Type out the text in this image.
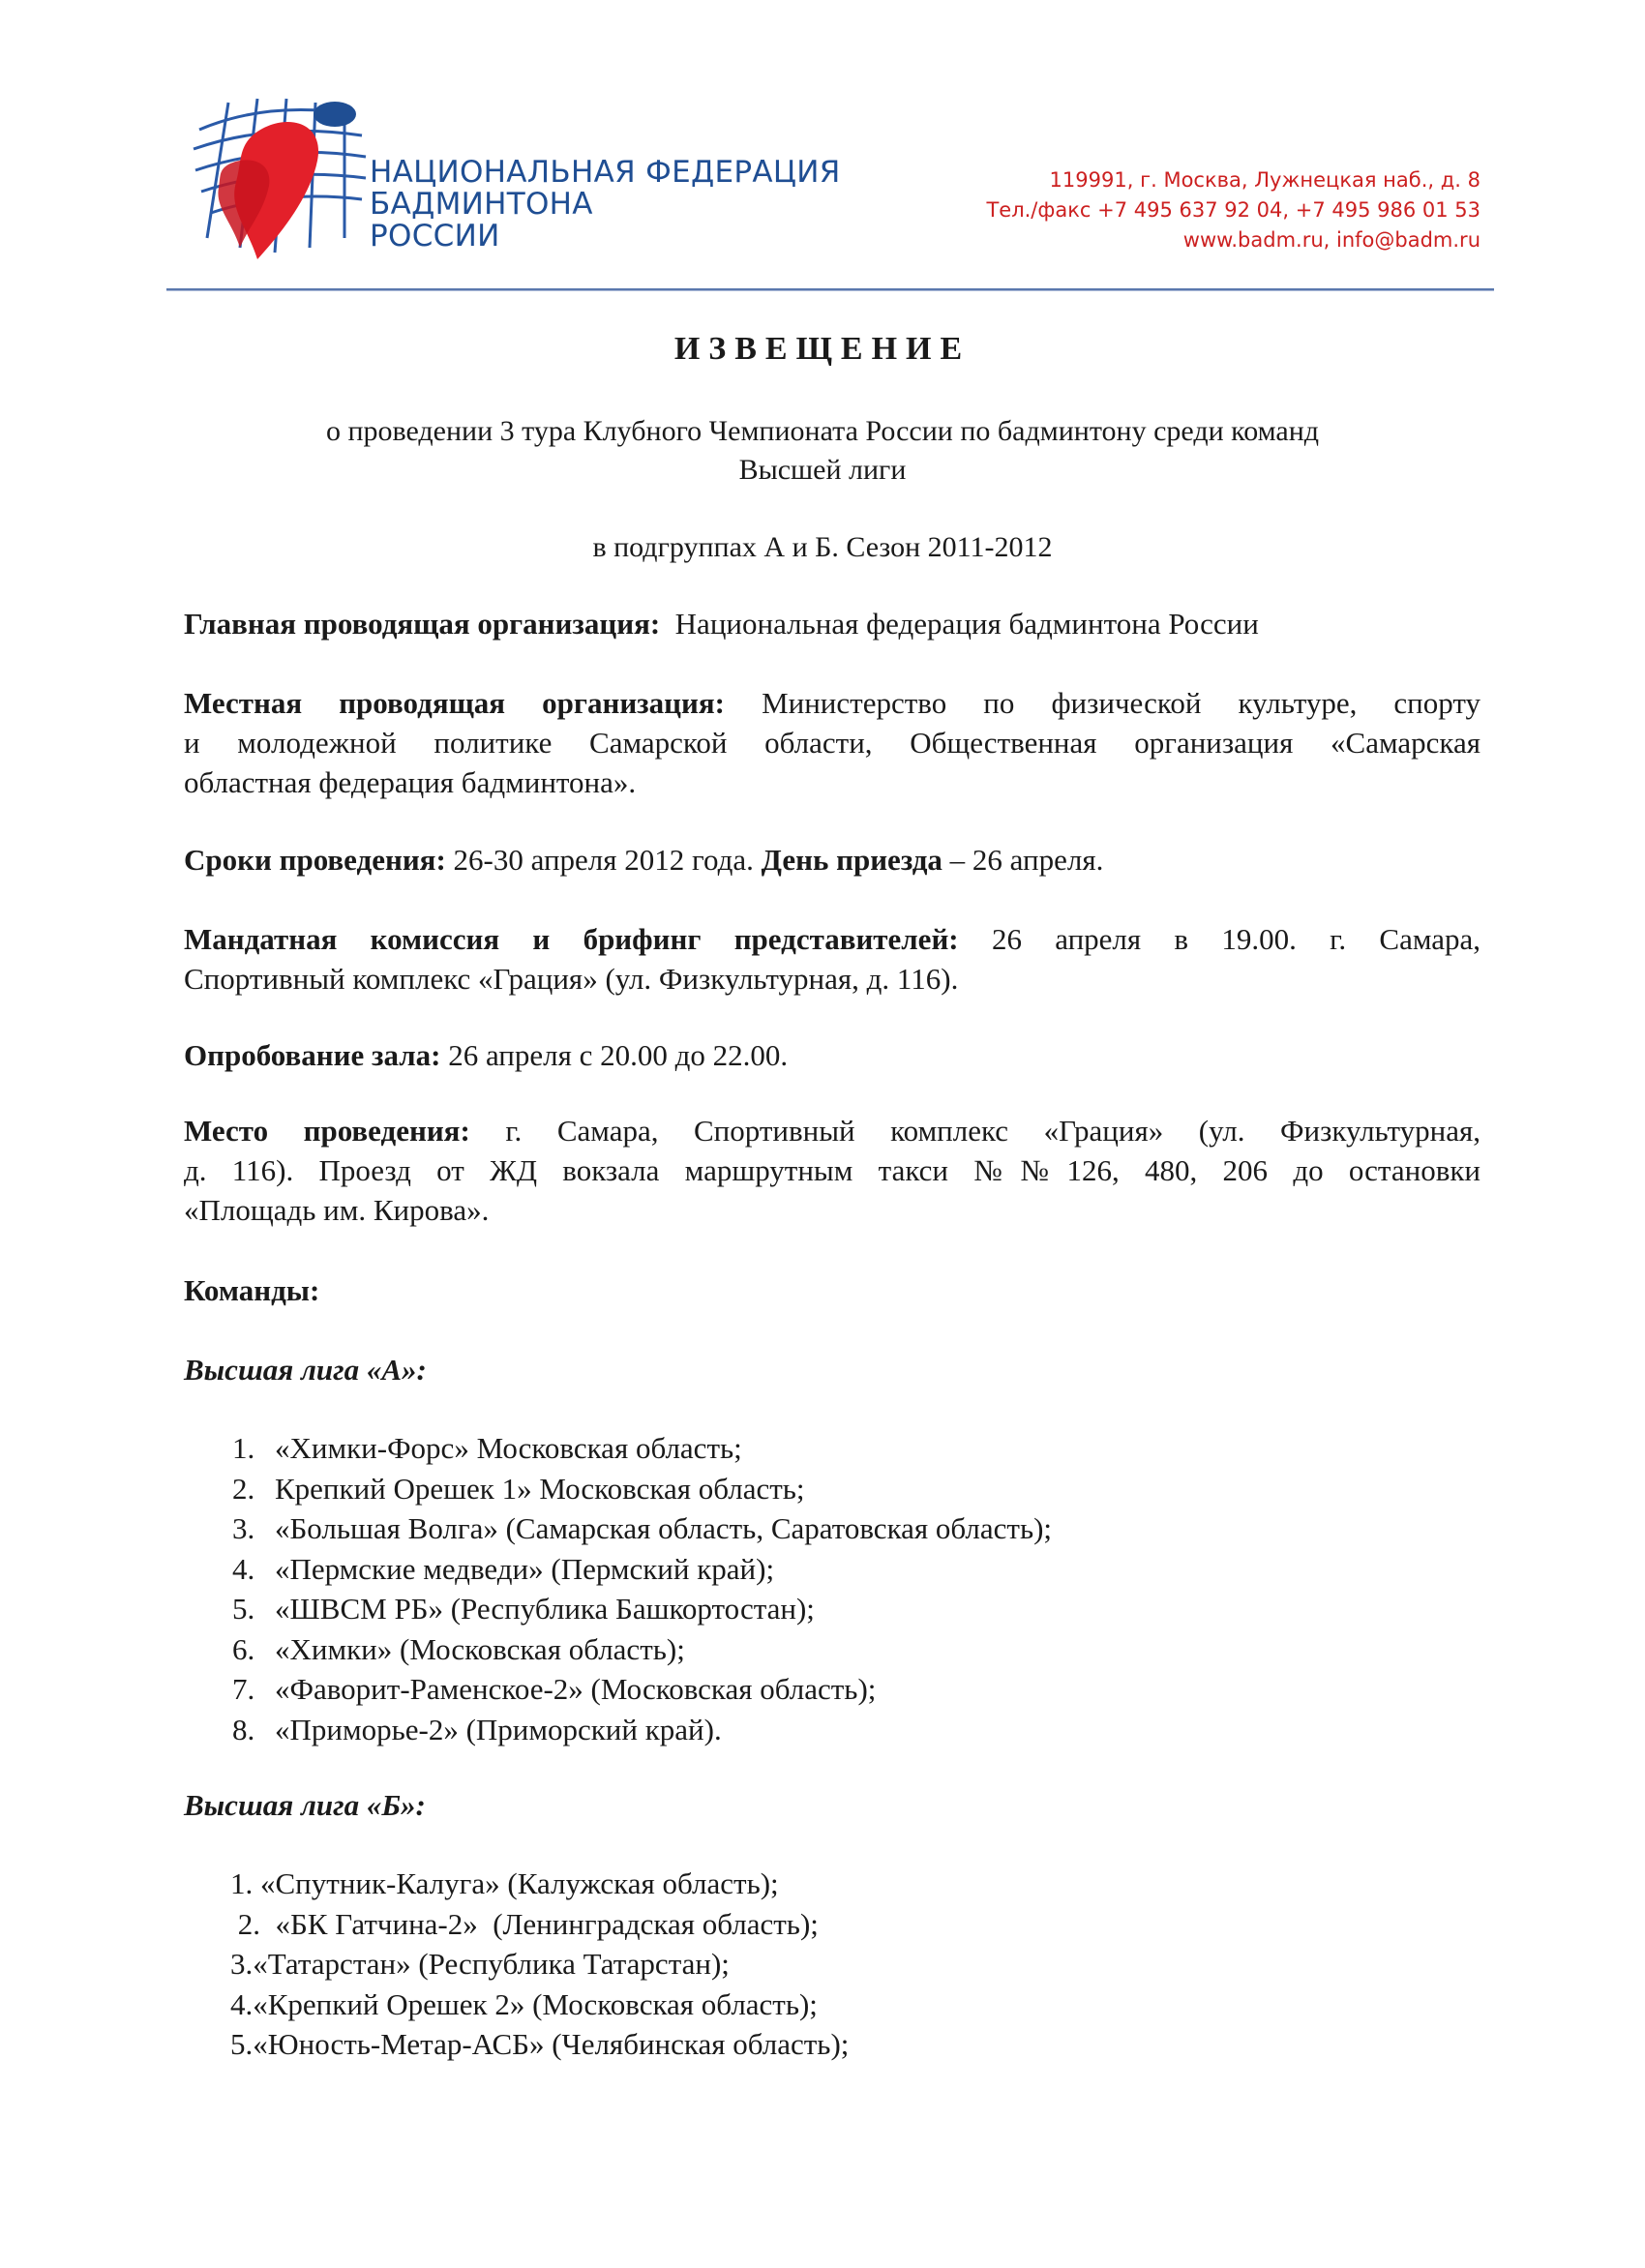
НАЦИОНАЛЬНАЯ ФЕДЕРАЦИЯ
БАДМИНТОНА
РОССИИ
119991, г. Москва, Лужнецкая наб., д. 8
Тел./факс +7 495 637 92 04, +7 495 986 01 53
www.badm.ru, info@badm.ru
ИЗВЕЩЕНИЕ
о проведении 3 тура Клубного Чемпионата России по бадминтону среди команд
Высшей лиги
в подгруппах А и Б. Сезон 2011-2012
Главная проводящая организация: Национальная федерация бадминтона России
Местная проводящая организация: Министерство по физической культуре, спорту
и молодежной политике Самарской области, Общественная организация «Самарская
областная федерация бадминтона».
Сроки проведения: 26-30 апреля 2012 года. День приезда – 26 апреля.
Мандатная комиссия и брифинг представителей: 26 апреля в 19.00. г. Самара,
Спортивный комплекс «Грация» (ул. Физкультурная, д. 116).
Опробование зала: 26 апреля с 20.00 до 22.00.
Место проведения: г. Самара, Спортивный комплекс «Грация» (ул. Физкультурная,
д. 116). Проезд от ЖД вокзала маршрутным такси №№126, 480, 206 до остановки
«Площадь им. Кирова».
Команды:
Высшая лига «А»:
1. «Химки-Форс» Московская область;
2. Крепкий Орешек 1» Московская область;
3. «Большая Волга» (Самарская область, Саратовская область);
4. «Пермские медведи» (Пермский край);
5. «ШВСМ РБ» (Республика Башкортостан);
6. «Химки» (Московская область);
7. «Фаворит-Раменское-2» (Московская область);
8. «Приморье-2» (Приморский край).
Высшая лига «Б»:
1. «Спутник-Калуга» (Калужская область);
2.  «БК Гатчина-2»  (Ленинградская область);
3.«Татарстан» (Республика Татарстан);
4.«Крепкий Орешек 2» (Московская область);
5.«Юность-Метар-АСБ» (Челябинская область);
